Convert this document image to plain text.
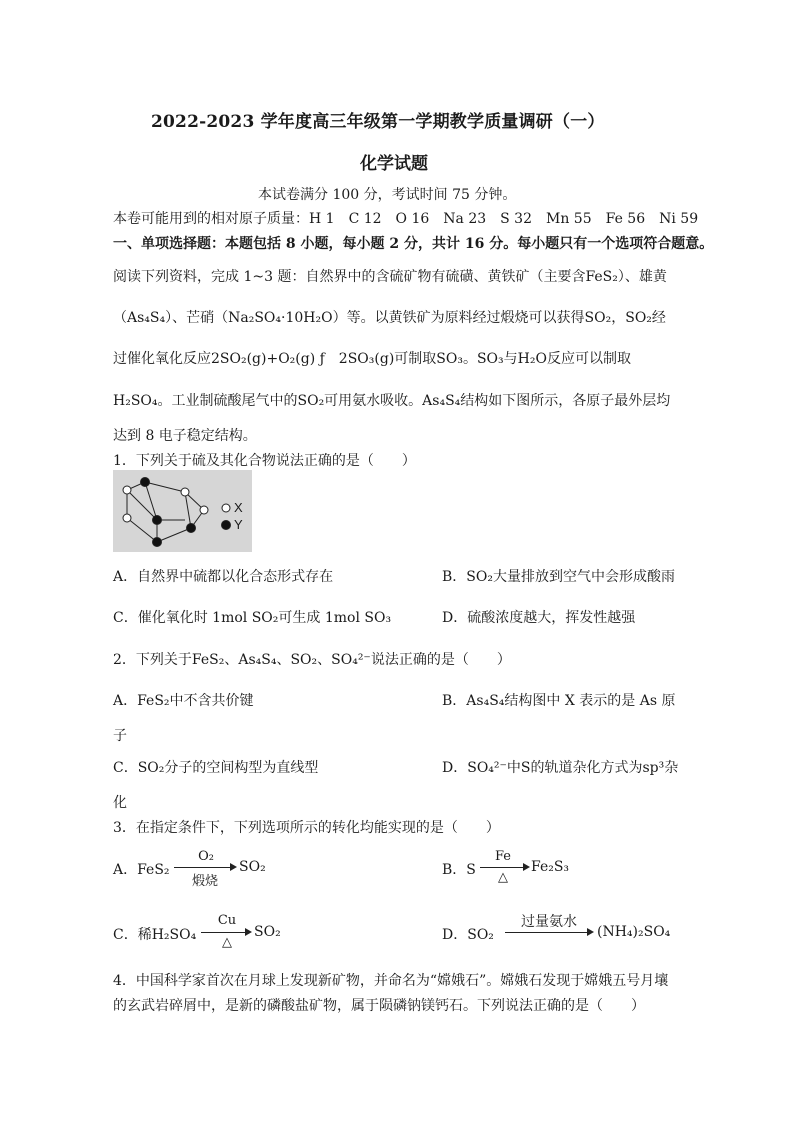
2022-2023 学年度高三年级第一学期教学质量调研（一）
化学试题
本试卷满分 100 分，考试时间 75 分钟。
本卷可能用到的相对原子质量：H 1　C 12　O 16　Na 23　S 32　Mn 55　Fe 56　Ni 59
一、单项选择题：本题包括 8 小题，每小题 2 分，共计 16 分。每小题只有一个选项符合题意。
阅读下列资料，完成 1~3 题：自然界中的含硫矿物有硫磺、黄铁矿（主要含FeS₂）、雄黄
（As₄S₄）、芒硝（Na₂SO₄·10H₂O）等。以黄铁矿为原料经过煅烧可以获得SO₂，SO₂经
过催化氧化反应2SO₂(g)+O₂(g) ƒ　2SO₃(g)可制取SO₃。SO₃与H₂O反应可以制取
H₂SO₄。工业制硫酸尾气中的SO₂可用氨水吸收。As₄S₄结构如下图所示，各原子最外层均
达到 8 电子稳定结构。
1．下列关于硫及其化合物说法正确的是（　　）
X
Y
A．自然界中硫都以化合态形式存在	B．SO₂大量排放到空气中会形成酸雨
C．催化氧化时 1mol SO₂可生成 1mol SO₃	D．硫酸浓度越大，挥发性越强
2．下列关于FeS₂、As₄S₄、SO₂、SO₄²⁻说法正确的是（　　）
A．FeS₂中不含共价键	B．As₄S₄结构图中 X 表示的是 As 原
子
C．SO₂分子的空间构型为直线型	D．SO₄²⁻中S的轨道杂化方式为sp³杂
化
3．在指定条件下，下列选项所示的转化均能实现的是（　　）
A．FeS₂
O₂
煅烧
SO₂	B．S
Fe
△
Fe₂S₃
C．稀H₂SO₄
Cu
△
SO₂	D．SO₂
过量氨水
(NH₄)₂SO₄
4．中国科学家首次在月球上发现新矿物，并命名为“嫦娥石”。嫦娥石发现于嫦娥五号月壤
的玄武岩碎屑中，是新的磷酸盐矿物，属于陨磷钠镁钙石。下列说法正确的是（　　）
